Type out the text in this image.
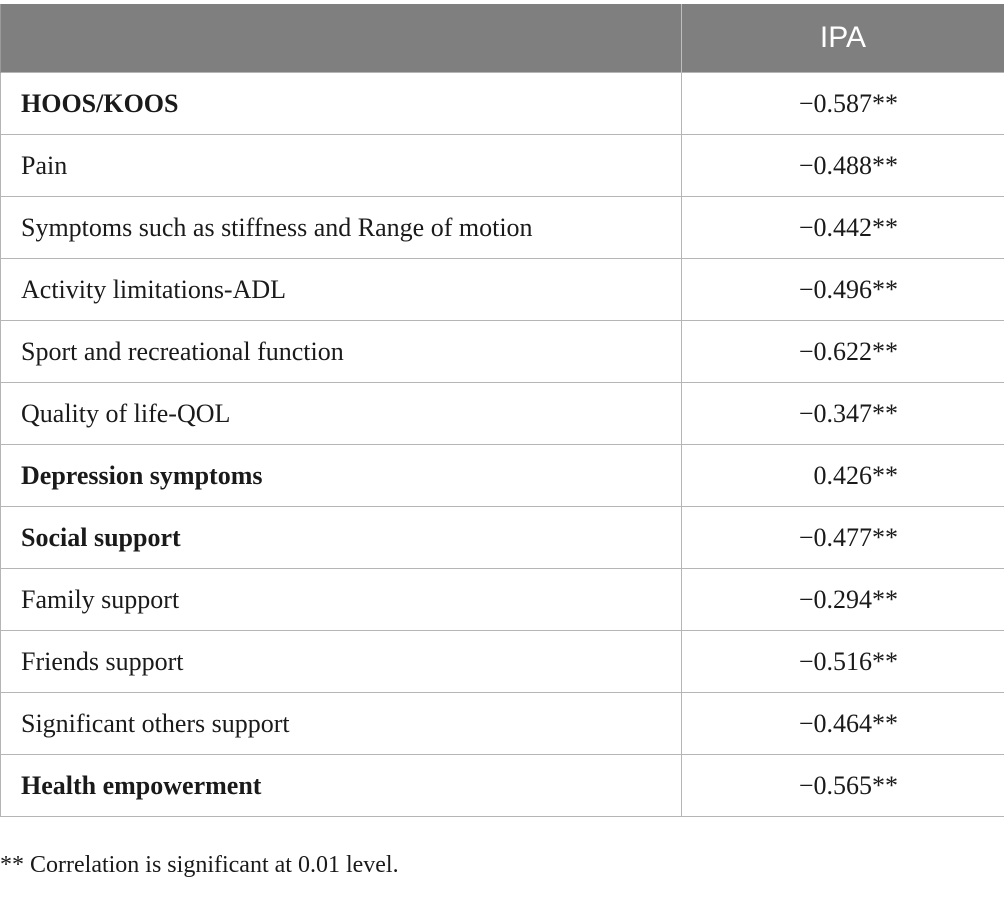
	IPA
HOOS/KOOS	−0.587**
Pain	−0.488**
Symptoms such as stiffness and Range of motion	−0.442**
Activity limitations-ADL	−0.496**
Sport and recreational function	−0.622**
Quality of life-QOL	−0.347**
Depression symptoms	0.426**
Social support	−0.477**
Family support	−0.294**
Friends support	−0.516**
Significant others support	−0.464**
Health empowerment	−0.565**
** Correlation is significant at 0.01 level.
